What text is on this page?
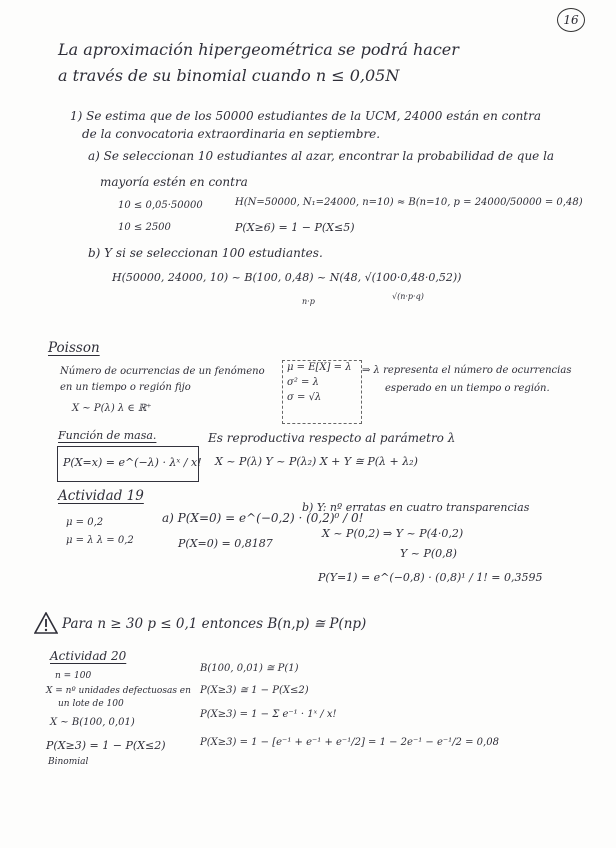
16
La aproximación hipergeométrica se podrá hacer
a través de su binomial cuando n ≤ 0,05N
1) Se estima que de los 50000 estudiantes de la UCM, 24000 están en contra
de la convocatoria extraordinaria en septiembre.
a) Se seleccionan 10 estudiantes al azar, encontrar la probabilidad de que la
mayoría estén en contra
10 ≤ 0,05·50000	H(N=50000, N₁=24000, n=10) ≈ B(n=10, p = 24000/50000 = 0,48)
10 ≤ 2500	P(X≥6) = 1 − P(X≤5)
b) Y si se seleccionan 100 estudiantes.
H(50000, 24000, 10) ~ B(100, 0,48) ~ N(48, √(100·0,48·0,52))
n·p
√(n·p·q)
Poisson
Número de ocurrencias de un fenómeno
en un tiempo o región fijo
X ~ P(λ) λ ∈ ℝ⁺
μ = E[X] = λ
σ² = λ
σ = √λ
⇒ λ representa el número de ocurrencias
esperado en un tiempo o región.
Función de masa.
P(X=x) = e^(−λ) · λˣ / x!
Es reproductiva respecto al parámetro λ
X ~ P(λ) Y ~ P(λ₂) X + Y ≅ P(λ + λ₂)
Actividad 19
μ = 0,2
μ = λ λ = 0,2
a) P(X=0) = e^(−0,2) · (0,2)⁰ / 0!
P(X=0) = 0,8187
b) Y: nº erratas en cuatro transparencias
X ~ P(0,2) ⇒ Y ~ P(4·0,2)
Y ~ P(0,8)
P(Y=1) = e^(−0,8) · (0,8)¹ / 1! = 0,3595
Para n ≥ 30 p ≤ 0,1 entonces B(n,p) ≅ P(np)
Actividad 20
n = 100
X = nº unidades defectuosas en
un lote de 100
X ~ B(100, 0,01)
P(X≥3) = 1 − P(X≤2)
Binomial
B(100, 0,01) ≅ P(1)
P(X≥3) ≅ 1 − P(X≤2)
P(X≥3) = 1 − Σ e⁻¹ · 1ˣ / x!
P(X≥3) = 1 − [e⁻¹ + e⁻¹ + e⁻¹/2] = 1 − 2e⁻¹ − e⁻¹/2 = 0,08
